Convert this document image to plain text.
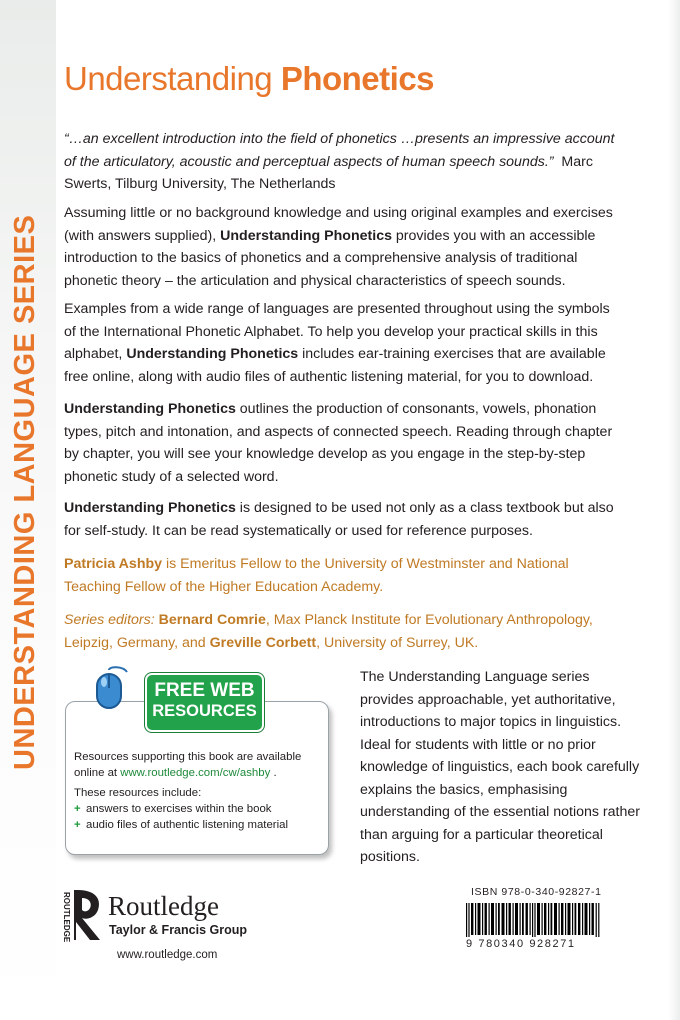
UNDERSTANDING LANGUAGE SERIES
Understanding Phonetics

“…an excellent introduction into the field of phonetics …presents an impressive account of the articulatory, acoustic and perceptual aspects of human speech sounds.” Marc Swerts, Tilburg University, The Netherlands

Assuming little or no background knowledge and using original examples and exercises (with answers supplied), Understanding Phonetics provides you with an accessible introduction to the basics of phonetics and a comprehensive analysis of traditional phonetic theory – the articulation and physical characteristics of speech sounds.

Examples from a wide range of languages are presented throughout using the symbols of the International Phonetic Alphabet. To help you develop your practical skills in this alphabet, Understanding Phonetics includes ear-training exercises that are available free online, along with audio files of authentic listening material, for you to download.

Understanding Phonetics outlines the production of consonants, vowels, phonation types, pitch and intonation, and aspects of connected speech. Reading through chapter by chapter, you will see your knowledge develop as you engage in the step-by-step phonetic study of a selected word.

Understanding Phonetics is designed to be used not only as a class textbook but also for self-study. It can be read systematically or used for reference purposes.

Patricia Ashby is Emeritus Fellow to the University of Westminster and National Teaching Fellow of the Higher Education Academy.

Series editors: Bernard Comrie, Max Planck Institute for Evolutionary Anthropology, Leipzig, Germany, and Greville Corbett, University of Surrey, UK.

Resources supporting this book are available online at www.routledge.com/cw/ashby .
These resources include:
+ answers to exercises within the book
+ audio files of authentic listening material
FREE WEB
RESOURCES

The Understanding Language series provides approachable, yet authoritative, introductions to major topics in linguistics. Ideal for students with little or no prior knowledge of linguistics, each book carefully explains the basics, emphasising understanding of the essential notions rather than arguing for a particular theoretical positions.

ROUTLEDGE Routledge
Taylor & Francis Group
www.routledge.com
ISBN 978-0-340-92827-1
9 780340 928271
